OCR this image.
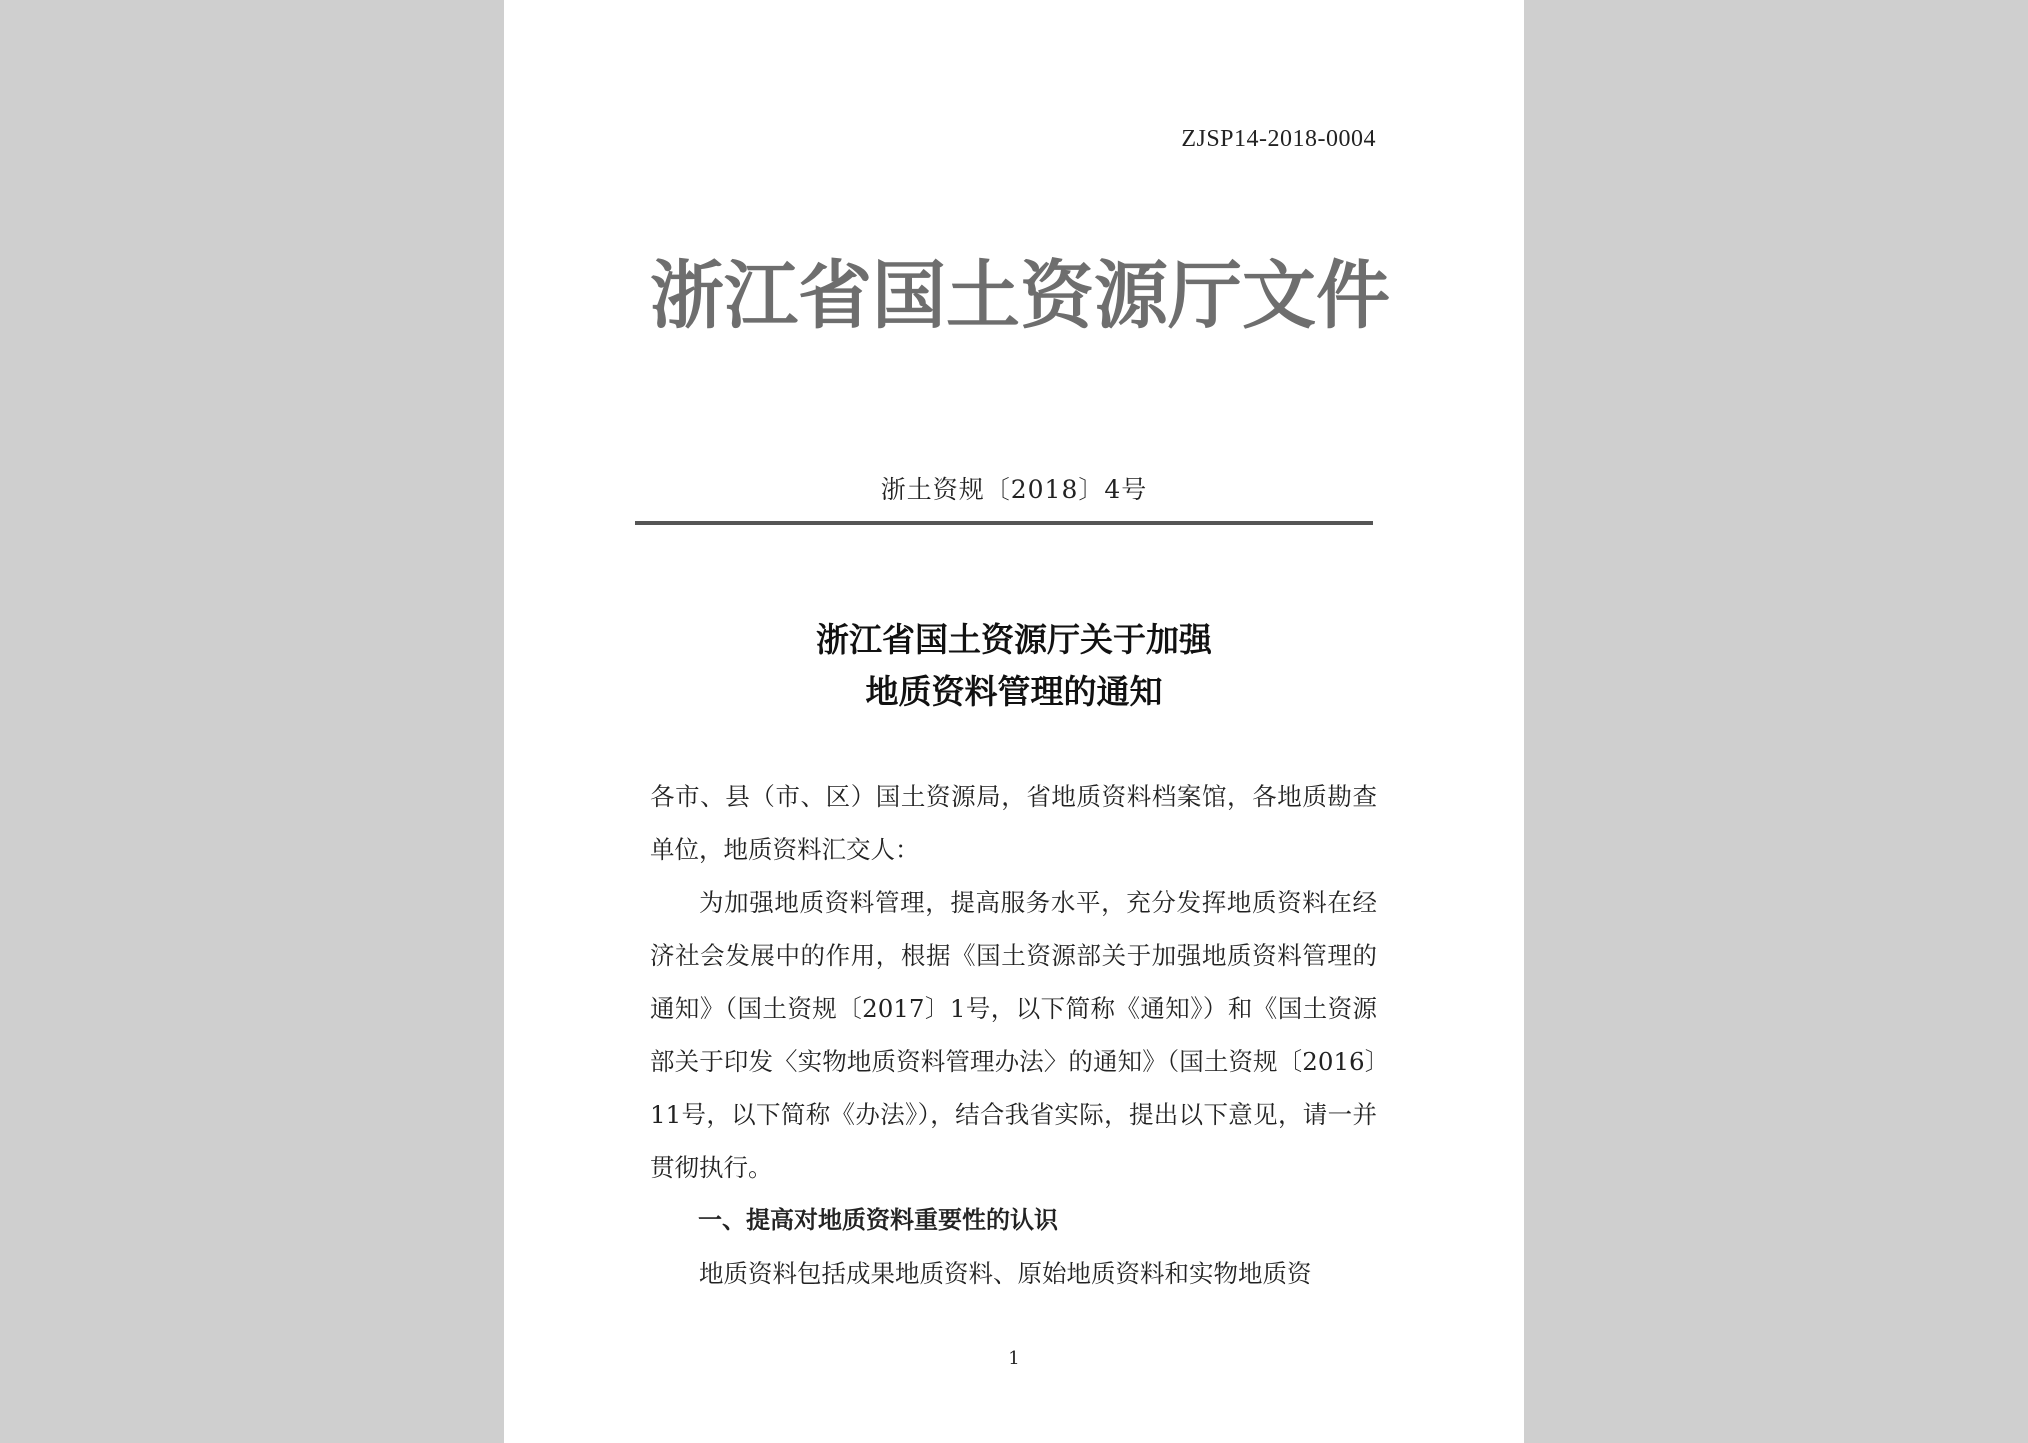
ZJSP14-2018-0004
浙江省国土资源厅文件
浙土资规〔2018〕4号
浙江省国土资源厅关于加强
地质资料管理的通知

各市、县（市、区）国土资源局，省地质资料档案馆，各地质勘查单位，地质资料汇交人：

为加强地质资料管理，提高服务水平，充分发挥地质资料在经济社会发展中的作用，根据《国土资源部关于加强地质资料管理的通知》（国土资规〔2017〕1号，以下简称《通知》）和《国土资源部关于印发〈实物地质资料管理办法〉的通知》（国土资规〔2016〕11号，以下简称《办法》），结合我省实际，提出以下意见，请一并贯彻执行。

一、提高对地质资料重要性的认识

地质资料包括成果地质资料、原始地质资料和实物地质资

1
